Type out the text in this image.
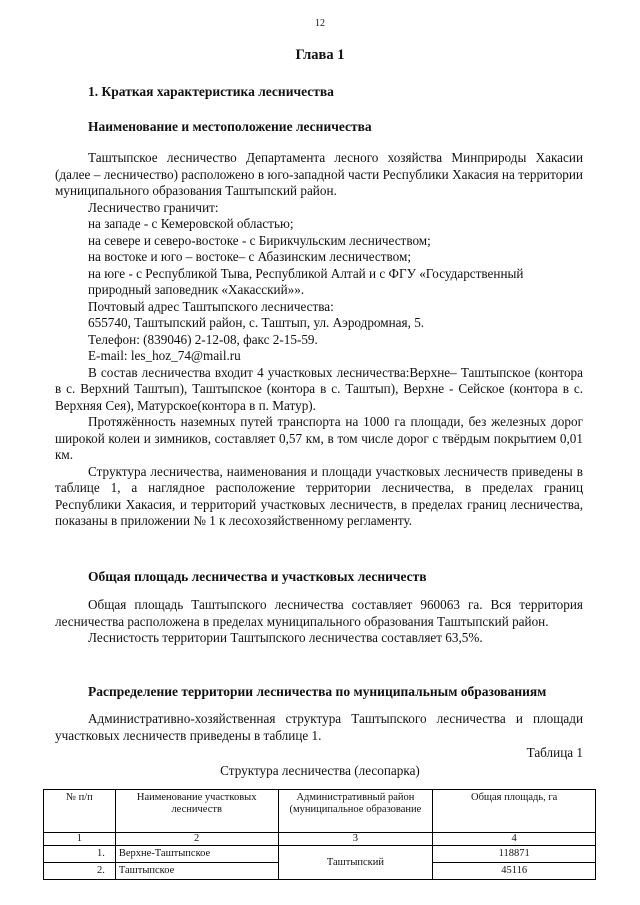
12
Глава 1
1. Краткая характеристика лесничества
Наименование и местоположение лесничества

Таштыпское лесничество Департамента лесного хозяйства Минприроды Хакасии (далее – лесничество) расположено в юго-западной части Республики Хакасия на территории муниципального образования Таштыпский район.

Лесничество граничит:

на западе - с Кемеровской областью;

на севере и северо-востоке - с Бирикчульским лесничеством;

на востоке и юго – востоке– с Абазинским лесничеством;

на юге - с Республикой Тыва, Республикой Алтай и с ФГУ «Государственный природный заповедник «Хакасский»».

Почтовый адрес Таштыпского лесничества:

655740, Таштыпский район, с. Таштып, ул. Аэродромная, 5.

Телефон: (839046) 2-12-08, факс 2-15-59.

E-mail: les_hoz_74@mail.ru

В состав лесничества входит 4 участковых лесничества:Верхне– Таштыпское (контора в с. Верхний Таштып), Таштыпское (контора в с. Таштып), Верхне - Сейское (контора в с. Верхняя Сея), Матурское(контора в п. Матур).

Протяжённость наземных путей транспорта на 1000 га площади, без железных дорог широкой колеи и зимников, составляет 0,57 км, в том числе дорог с твёрдым покрытием 0,01 км.

Структура лесничества, наименования и площади участковых лесничеств приведены в таблице 1, а наглядное расположение территории лесничества, в пределах границ Республики Хакасия, и территорий участковых лесничеств, в пределах границ лесничества, показаны в приложении № 1 к лесохозяйственному регламенту.

Общая площадь лесничества и участковых лесничеств

Общая площадь Таштыпского лесничества составляет 960063 га. Вся территория лесничества расположена в пределах муниципального образования Таштыпский район.

Леснистость территории Таштыпского лесничества составляет 63,5%.

Распределение территории лесничества по муниципальным образованиям

Административно-хозяйственная структура Таштыпского лесничества и площади участковых лесничеств приведены в таблице 1.

Таблица 1
Структура лесничества (лесопарка)
№ п/п	Наименование участковых лесничеств	Административный район (муниципальное образование	Общая площадь, га
1	2	3	4
1.	Верхне-Таштыпское	Таштыпский	118871
2.	Таштыпское		45116
